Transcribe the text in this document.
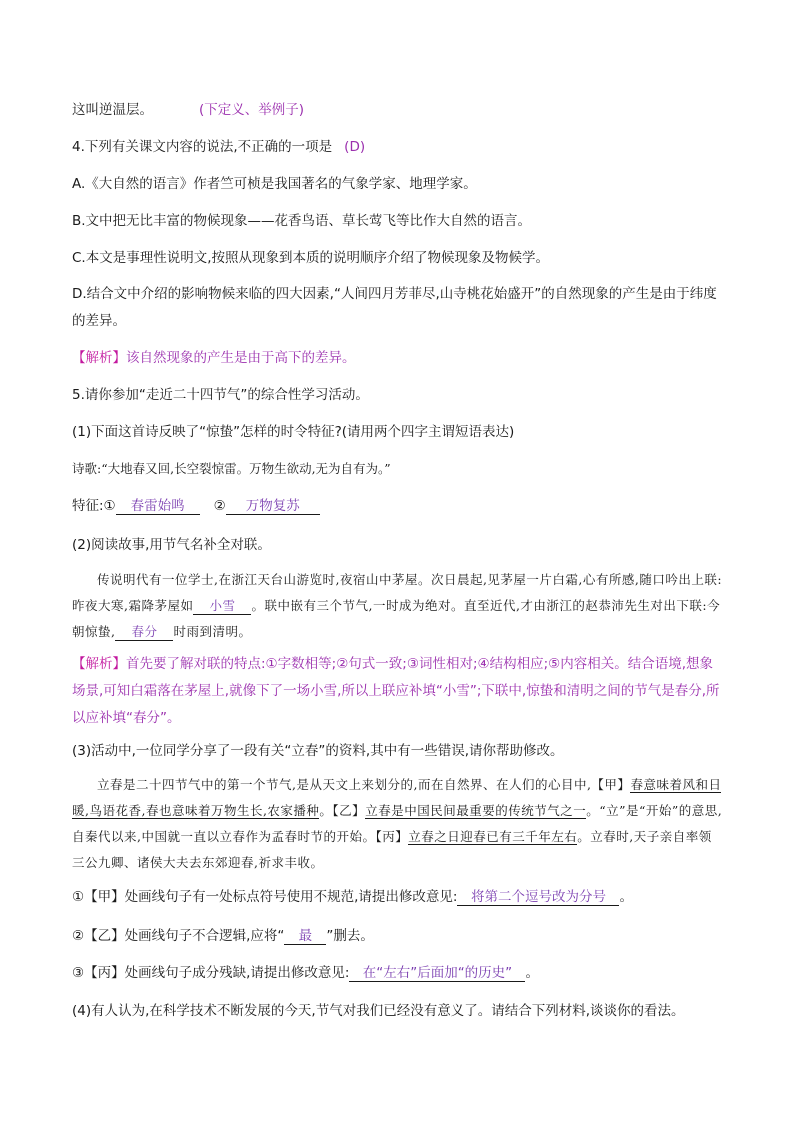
这叫逆温层。	(下定义、举例子)
4.下列有关课文内容的说法,不正确的一项是 (D)
A.《大自然的语言》作者竺可桢是我国著名的气象学家、地理学家。
B.文中把无比丰富的物候现象——花香鸟语、草长莺飞等比作大自然的语言。
C.本文是事理性说明文,按照从现象到本质的说明顺序介绍了物候现象及物候学。
D.结合文中介绍的影响物候来临的四大因素,“人间四月芳菲尽,山寺桃花始盛开”的自然现象的产生是由于纬度的差异。
【解析】该自然现象的产生是由于高下的差异。
5.请你参加“走近二十四节气”的综合性学习活动。
(1)下面这首诗反映了“惊蛰”怎样的时令特征?(请用两个四字主谓短语表达)
诗歌:“大地春又回,长空裂惊雷。万物生欲动,无为自有为。”
特征:① 春雷始鸣 ② 万物复苏
(2)阅读故事,用节气名补全对联。
传说明代有一位学士,在浙江天台山游览时,夜宿山中茅屋。次日晨起,见茅屋一片白霜,心有所感,随口吟出上联:昨夜大寒,霜降茅屋如 小雪 。联中嵌有三个节气,一时成为绝对。直至近代,才由浙江的赵恭沛先生对出下联:今朝惊蛰, 春分 时雨到清明。
【解析】首先要了解对联的特点:①字数相等;②句式一致;③词性相对;④结构相应;⑤内容相关。结合语境,想象场景,可知白霜落在茅屋上,就像下了一场小雪,所以上联应补填“小雪”;下联中,惊蛰和清明之间的节气是春分,所以应补填“春分”。
(3)活动中,一位同学分享了一段有关“立春”的资料,其中有一些错误,请你帮助修改。
立春是二十四节气中的第一个节气,是从天文上来划分的,而在自然界、在人们的心目中,【甲】春意味着风和日暖,鸟语花香,春也意味着万物生长,农家播种。【乙】立春是中国民间最重要的传统节气之一。“立”是“开始”的意思,自秦代以来,中国就一直以立春作为孟春时节的开始。【丙】立春之日迎春已有三千年左右。立春时,天子亲自率领三公九卿、诸侯大夫去东郊迎春,祈求丰收。
①【甲】处画线句子有一处标点符号使用不规范,请提出修改意见: 将第二个逗号改为分号 。
②【乙】处画线句子不合逻辑,应将“ 最 ”删去。
③【丙】处画线句子成分残缺,请提出修改意见: 在“左右”后面加“的历史” 。
(4)有人认为,在科学技术不断发展的今天,节气对我们已经没有意义了。请结合下列材料,谈谈你的看法。
